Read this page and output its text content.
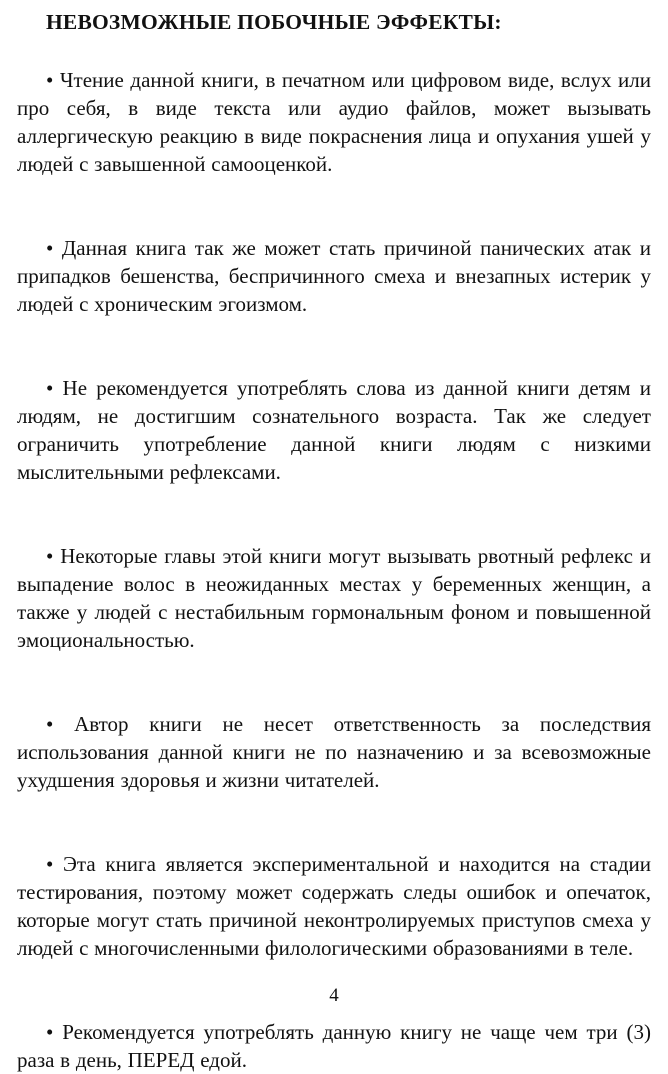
НЕВОЗМОЖНЫЕ ПОБОЧНЫЕ ЭФФЕКТЫ:

• Чтение данной книги, в печатном или цифровом виде, вслух или про себя, в виде текста или аудио файлов, может вызывать аллергическую реакцию в виде покраснения лица и опухания ушей у людей с завышенной самооценкой.

• Данная книга так же может стать причиной панических атак и припадков бешенства, беспричинного смеха и внезапных истерик у людей с хроническим эгоизмом.

• Не рекомендуется употреблять слова из данной книги детям и людям, не достигшим сознательного возраста. Так же следует ограничить употребление данной книги людям с низкими мыслительными рефлексами.

• Некоторые главы этой книги могут вызывать рвотный рефлекс и выпадение волос в неожиданных местах у беременных женщин, а также у людей с нестабильным гормональным фоном и повышенной эмоциональностью.

• Автор книги не несет ответственность за последствия использования данной книги не по назначению и за всевозможные ухудшения здоровья и жизни читателей.

• Эта книга является экспериментальной и находится на стадии тестирования, поэтому может содержать следы ошибок и опечаток, которые могут стать причиной неконтролируемых приступов смеха у людей с многочисленными филологическими образованиями в теле.

• Рекомендуется употреблять данную книгу не чаще чем три (3) раза в день, ПЕРЕД едой.

4
